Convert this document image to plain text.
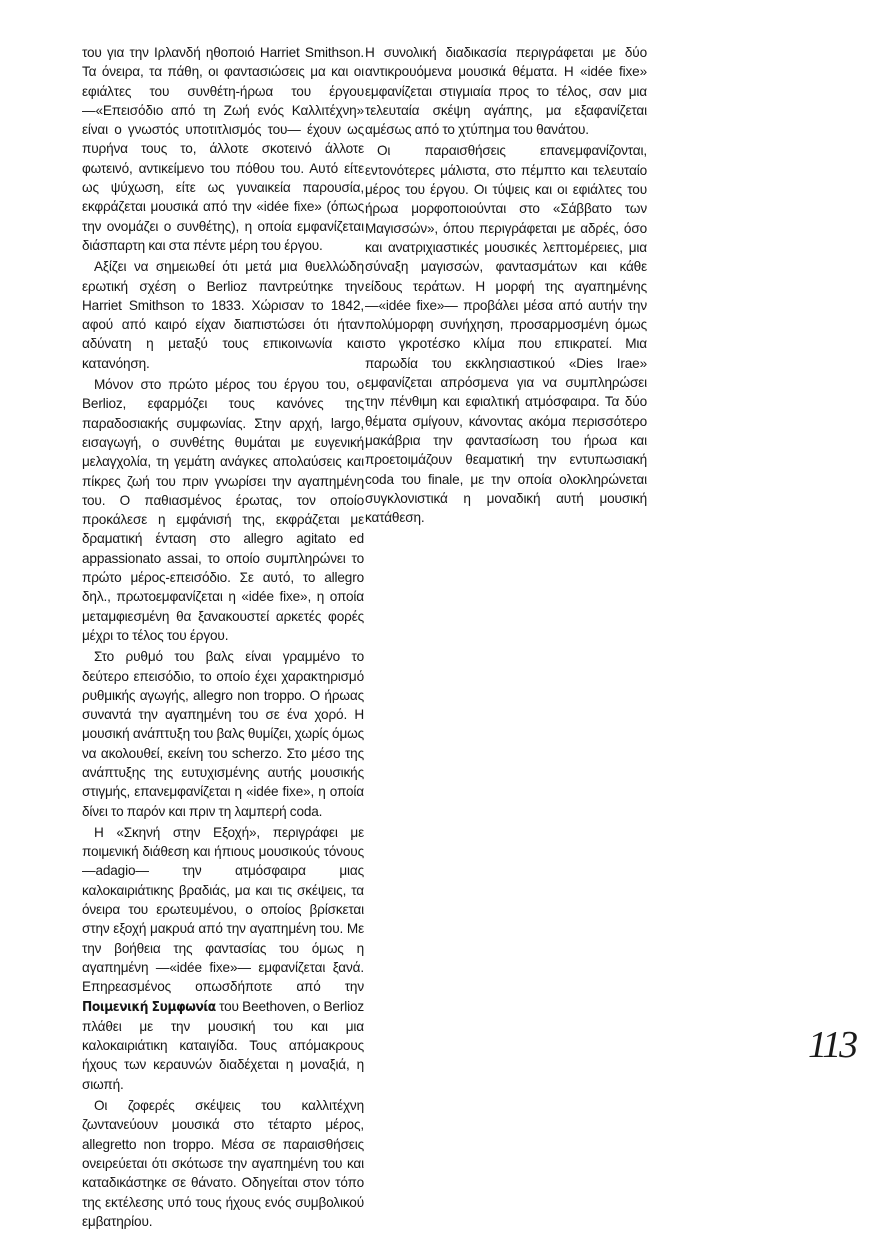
του για την Ιρλανδή ηθοποιό Harriet Smithson. Τα όνειρα, τα πάθη, οι φαντασιώσεις μα και οι εφιάλτες του συνθέτη-ήρωα του έργου —«Επεισόδιο από τη Ζωή ενός Καλλιτέχνη» είναι ο γνωστός υποτιτλισμός του— έχουν ως πυρήνα τους το, άλλοτε σκοτεινό άλλοτε φωτεινό, αντικείμενο του πόθου του. Αυτό είτε ως ψύχωση, είτε ως γυναικεία παρουσία, εκφράζεται μουσικά από την «idée fixe» (όπως την ονομάζει ο συνθέτης), η οποία εμφανίζεται διάσπαρτη και στα πέντε μέρη του έργου.

Αξίζει να σημειωθεί ότι μετά μια θυελλώδη ερωτική σχέση ο Berlioz παντρεύτηκε την Harriet Smithson το 1833. Χώρισαν το 1842, αφού από καιρό είχαν διαπιστώσει ότι ήταν αδύνατη η μεταξύ τους επικοινωνία και κατανόηση.

Μόνον στο πρώτο μέρος του έργου του, ο Berlioz, εφαρμόζει τους κανόνες της παραδοσιακής συμφωνίας. Στην αρχή, largo, εισαγωγή, ο συνθέτης θυμάται με ευγενική μελαγχολία, τη γεμάτη ανάγκες απολαύσεις και πίκρες ζωή του πριν γνωρίσει την αγαπημένη του. Ο παθιασμένος έρωτας, τον οποίο προκάλεσε η εμφάνισή της, εκφράζεται με δραματική ένταση στο allegro agitato ed appassionato assai, το οποίο συμπληρώνει το πρώτο μέρος-επεισόδιο. Σε αυτό, το allegro δηλ., πρωτοεμφανίζεται η «idée fixe», η οποία μεταμφιεσμένη θα ξανακουστεί αρκετές φορές μέχρι το τέλος του έργου.

Στο ρυθμό του βαλς είναι γραμμένο το δεύτερο επεισόδιο, το οποίο έχει χαρακτηρισμό ρυθμικής αγωγής, allegro non troppo. Ο ήρωας συναντά την αγαπημένη του σε ένα χορό. Η μουσική ανάπτυξη του βαλς θυμίζει, χωρίς όμως να ακολουθεί, εκείνη του scherzo. Στο μέσο της ανάπτυξης της ευτυχισμένης αυτής μουσικής στιγμής, επανεμφανίζεται η «idée fixe», η οποία δίνει το παρόν και πριν τη λαμπερή coda.

Η «Σκηνή στην Εξοχή», περιγράφει με ποιμενική διάθεση και ήπιους μουσικούς τόνους —adagio— την ατμόσφαιρα μιας καλοκαιριάτικης βραδιάς, μα και τις σκέψεις, τα όνειρα του ερωτευμένου, ο οποίος βρίσκεται στην εξοχή μακρυά από την αγαπημένη του. Με την βοήθεια της φαντασίας του όμως η αγαπημένη —«idée fixe»— εμφανίζεται ξανά. Επηρεασμένος οπωσδήποτε από την Ποιμενική Συμφωνία του Beethoven, ο Berlioz πλάθει με την μουσική του και μια καλοκαιριάτικη καταιγίδα. Τους απόμακρους ήχους των κεραυνών διαδέχεται η μοναξιά, η σιωπή.

Οι ζοφερές σκέψεις του καλλιτέχνη ζωντανεύουν μουσικά στο τέταρτο μέρος, allegretto non troppo. Μέσα σε παραισθήσεις ονειρεύεται ότι σκότωσε την αγαπημένη του και καταδικάστηκε σε θάνατο. Οδηγείται στον τόπο της εκτέλεσης υπό τους ήχους ενός συμβολικού εμβατηρίου.

Η συνολική διαδικασία περιγράφεται με δύο αντικρουόμενα μουσικά θέματα. Η «idée fixe» εμφανίζεται στιγμιαία προς το τέλος, σαν μια τελευταία σκέψη αγάπης, μα εξαφανίζεται αμέσως από το χτύπημα του θανάτου.

Οι παραισθήσεις επανεμφανίζονται, εντονότερες μάλιστα, στο πέμπτο και τελευταίο μέρος του έργου. Οι τύψεις και οι εφιάλτες του ήρωα μορφοποιούνται στο «Σάββατο των Μαγισσών», όπου περιγράφεται με αδρές, όσο και ανατριχιαστικές μουσικές λεπτομέρειες, μια σύναξη μαγισσών, φαντασμάτων και κάθε είδους τεράτων. Η μορφή της αγαπημένης —«idée fixe»— προβάλει μέσα από αυτήν την πολύμορφη συνήχηση, προσαρμοσμένη όμως στο γκροτέσκο κλίμα που επικρατεί. Μια παρωδία του εκκλησιαστικού «Dies Irae» εμφανίζεται απρόσμενα για να συμπληρώσει την πένθιμη και εφιαλτική ατμόσφαιρα. Τα δύο θέματα σμίγουν, κάνοντας ακόμα περισσότερο μακάβρια την φαντασίωση του ήρωα και προετοιμάζουν θεαματική την εντυπωσιακή coda του finale, με την οποία ολοκληρώνεται συγκλονιστικά η μοναδική αυτή μουσική κατάθεση.

113
